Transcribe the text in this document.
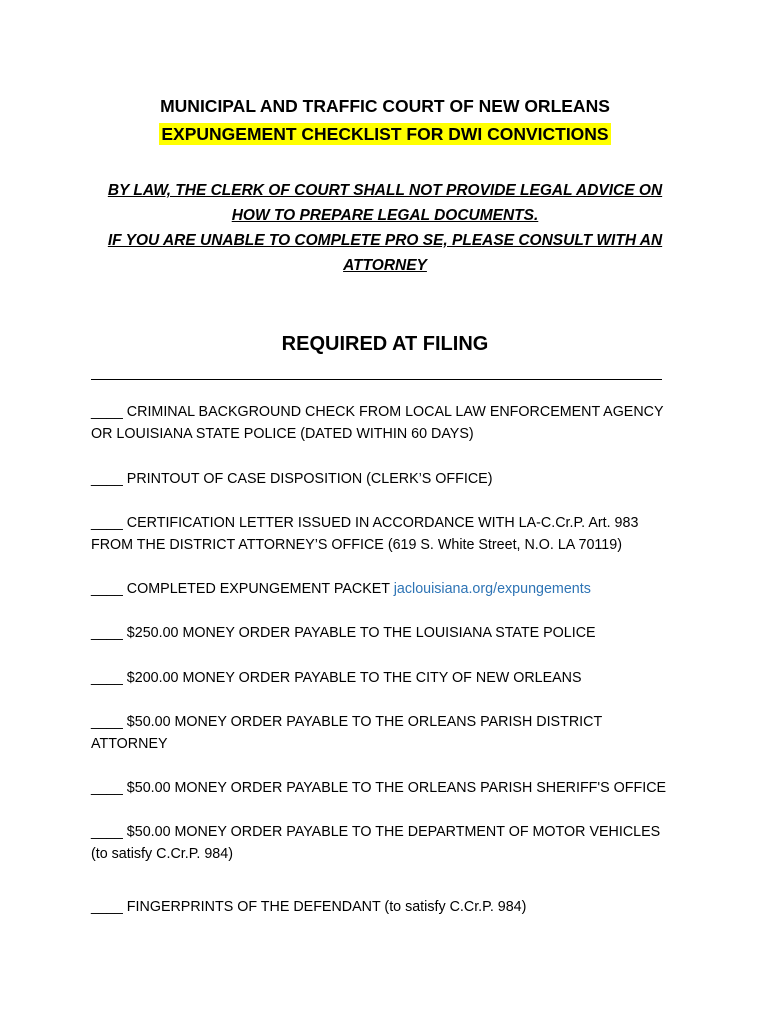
MUNICIPAL AND TRAFFIC COURT OF NEW ORLEANS
EXPUNGEMENT CHECKLIST FOR DWI CONVICTIONS
BY LAW, THE CLERK OF COURT SHALL NOT PROVIDE LEGAL ADVICE ON
HOW TO PREPARE LEGAL DOCUMENTS.
IF YOU ARE UNABLE TO COMPLETE PRO SE, PLEASE CONSULT WITH AN
ATTORNEY
REQUIRED AT FILING
____ CRIMINAL BACKGROUND CHECK FROM LOCAL LAW ENFORCEMENT AGENCY
OR LOUISIANA STATE POLICE (DATED WITHIN 60 DAYS)
____ PRINTOUT OF CASE DISPOSITION (CLERK’S OFFICE)
____ CERTIFICATION LETTER ISSUED IN ACCORDANCE WITH LA-C.Cr.P. Art. 983
FROM THE DISTRICT ATTORNEY’S OFFICE (619 S. White Street, N.O. LA 70119)
____ COMPLETED EXPUNGEMENT PACKET jaclouisiana.org/expungements
____ $250.00 MONEY ORDER PAYABLE TO THE LOUISIANA STATE POLICE
____ $200.00 MONEY ORDER PAYABLE TO THE CITY OF NEW ORLEANS
____ $50.00 MONEY ORDER PAYABLE TO THE ORLEANS PARISH DISTRICT
ATTORNEY
____ $50.00 MONEY ORDER PAYABLE TO THE ORLEANS PARISH SHERIFF'S OFFICE
____ $50.00 MONEY ORDER PAYABLE TO THE DEPARTMENT OF MOTOR VEHICLES
(to satisfy C.Cr.P. 984)
____ FINGERPRINTS OF THE DEFENDANT (to satisfy C.Cr.P. 984)
